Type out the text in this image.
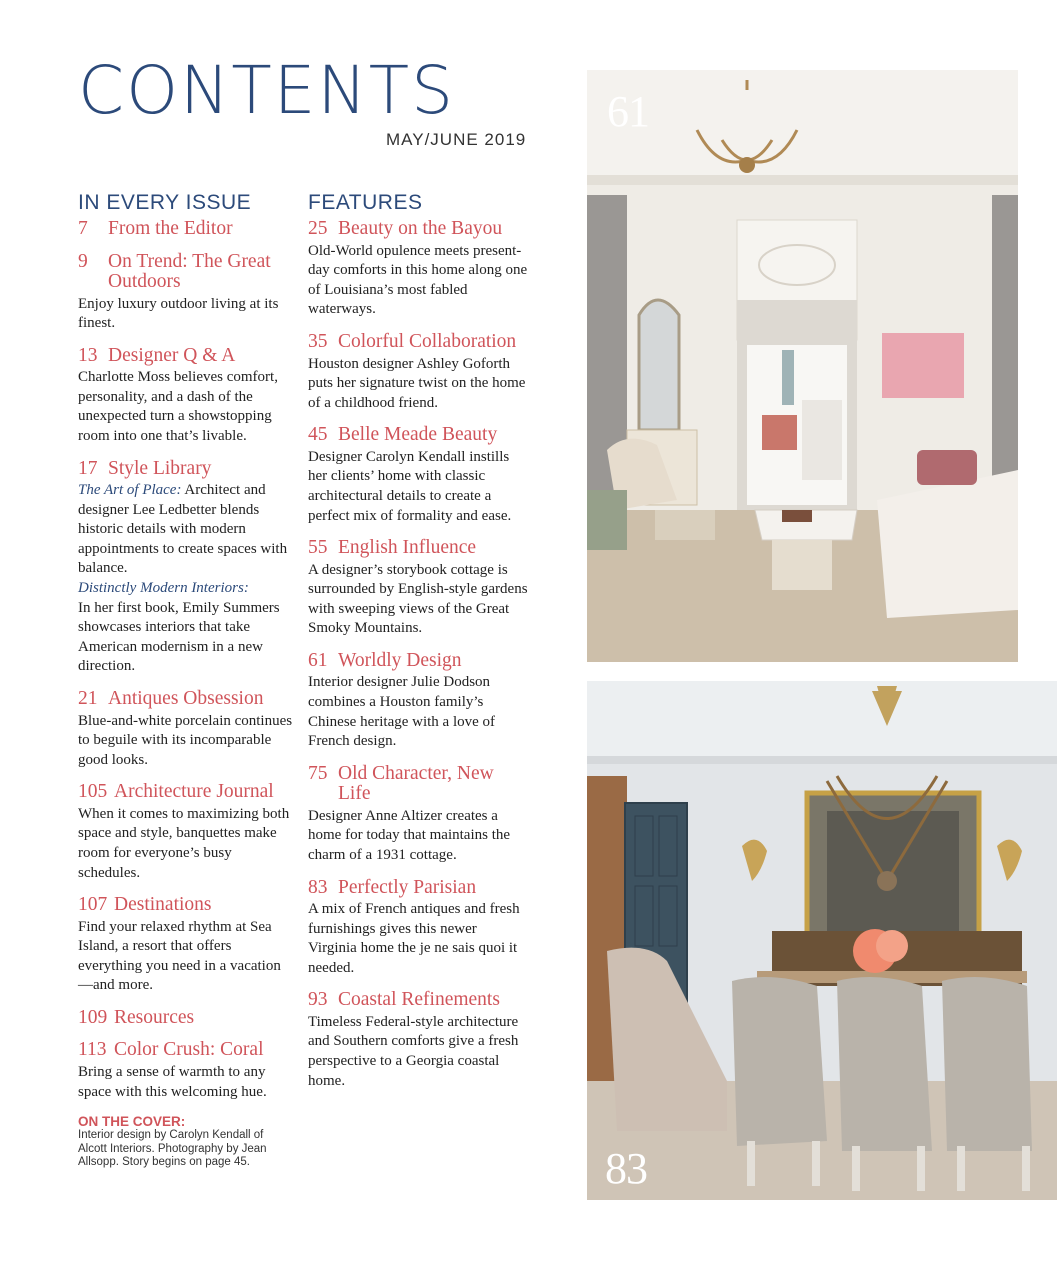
CONTENTS
MAY/JUNE 2019
IN EVERY ISSUE
7	From the Editor
9	On Trend: The Great Outdoors
Enjoy luxury outdoor living at its finest.
13 Designer Q & A
Charlotte Moss believes comfort, personality, and a dash of the unexpected turn a showstopping room into one that’s livable.
17 Style Library
The Art of Place: Architect and designer Lee Ledbetter blends historic details with modern appointments to create spaces with balance.
Distinctly Modern Interiors:
In her first book, Emily Summers showcases interiors that take American modernism in a new direction.
21 Antiques Obsession
Blue-and-white porcelain continues to beguile with its incomparable good looks.
105 Architecture Journal
When it comes to maximizing both space and style, banquettes make room for everyone’s busy schedules.
107 Destinations
Find your relaxed rhythm at Sea Island, a resort that offers everything you need in a vacation—and more.
109 Resources
113 Color Crush: Coral
Bring a sense of warmth to any space with this welcoming hue.
ON THE COVER:
Interior design by Carolyn Kendall of Alcott Interiors. Photography by Jean Allsopp. Story begins on page 45.
FEATURES
25 Beauty on the Bayou
Old-World opulence meets present-day comforts in this home along one of Louisiana’s most fabled waterways.
35 Colorful Collaboration
Houston designer Ashley Goforth puts her signature twist on the home of a childhood friend.
45 Belle Meade Beauty
Designer Carolyn Kendall instills her clients’ home with classic architectural details to create a perfect mix of formality and ease.
55 English Influence
A designer’s storybook cottage is surrounded by English-style gardens with sweeping views of the Great Smoky Mountains.
61 Worldly Design
Interior designer Julie Dodson combines a Houston family’s Chinese heritage with a love of French design.
75 Old Character, New Life
Designer Anne Altizer creates a home for today that maintains the charm of a 1931 cottage.
83 Perfectly Parisian
A mix of French antiques and fresh furnishings gives this newer Virginia home the je ne sais quoi it needed.
93 Coastal Refinements
Timeless Federal-style architecture and Southern comforts give a fresh perspective to a Georgia coastal home.
61
83
